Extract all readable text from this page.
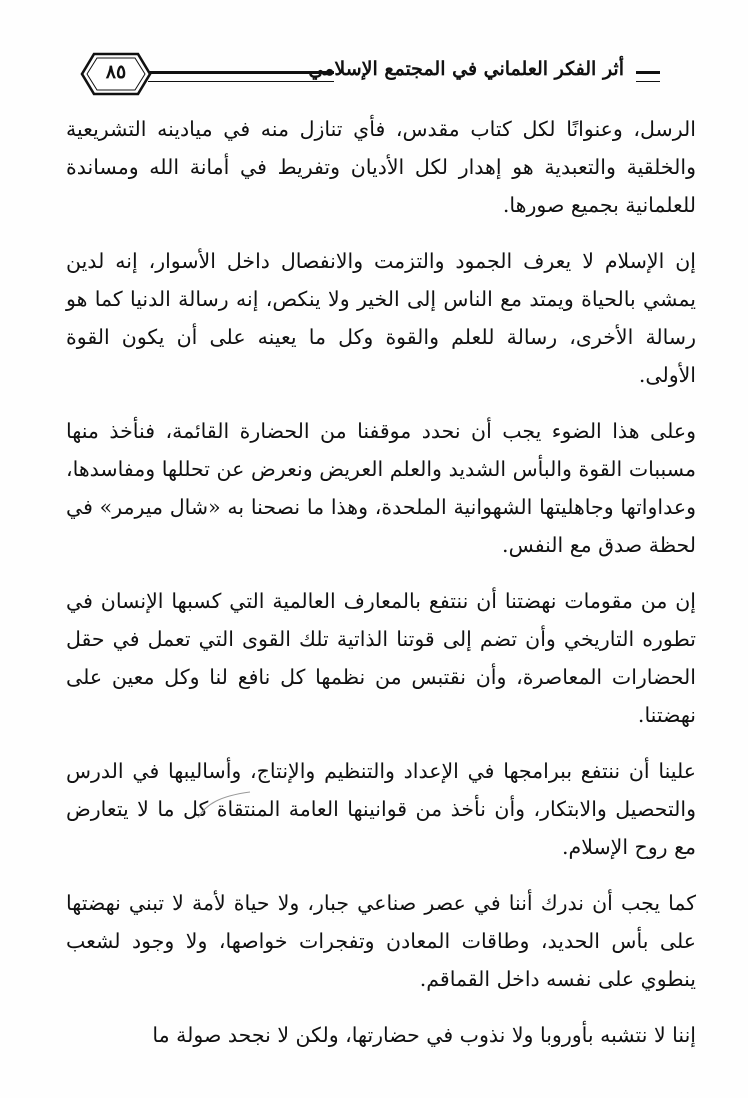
أثر الفكر العلماني في المجتمع الإسلامي
٨٥

الرسل، وعنوانًا لكل كتاب مقدس، فأي تنازل منه في ميادينه التشريعية والخلقية والتعبدية هو إهدار لكل الأديان وتفريط في أمانة الله ومساندة للعلمانية بجميع صورها.

إن الإسلام لا يعرف الجمود والتزمت والانفصال داخل الأسوار، إنه لدين يمشي بالحياة ويمتد مع الناس إلى الخير ولا ينكص، إنه رسالة الدنيا كما هو رسالة الأخرى، رسالة للعلم والقوة وكل ما يعينه على أن يكون القوة الأولى.

وعلى هذا الضوء يجب أن نحدد موقفنا من الحضارة القائمة، فنأخذ منها مسببات القوة والبأس الشديد والعلم العريض ونعرض عن تحللها ومفاسدها، وعداواتها وجاهليتها الشهوانية الملحدة، وهذا ما نصحنا به «شال ميرمر» في لحظة صدق مع النفس.

إن من مقومات نهضتنا أن ننتفع بالمعارف العالمية التي كسبها الإنسان في تطوره التاريخي وأن تضم إلى قوتنا الذاتية تلك القوى التي تعمل في حقل الحضارات المعاصرة، وأن نقتبس من نظمها كل نافع لنا وكل معين على نهضتنا.

علينا أن ننتفع ببرامجها في الإعداد والتنظيم والإنتاج، وأساليبها في الدرس والتحصيل والابتكار، وأن نأخذ من قوانينها العامة المنتقاة كل ما لا يتعارض مع روح الإسلام.

كما يجب أن ندرك أننا في عصر صناعي جبار، ولا حياة لأمة لا تبني نهضتها على بأس الحديد، وطاقات المعادن وتفجرات خواصها، ولا وجود لشعب ينطوي على نفسه داخل القماقم.

إننا لا نتشبه بأوروبا ولا نذوب في حضارتها، ولكن لا نجحد صولة ما
